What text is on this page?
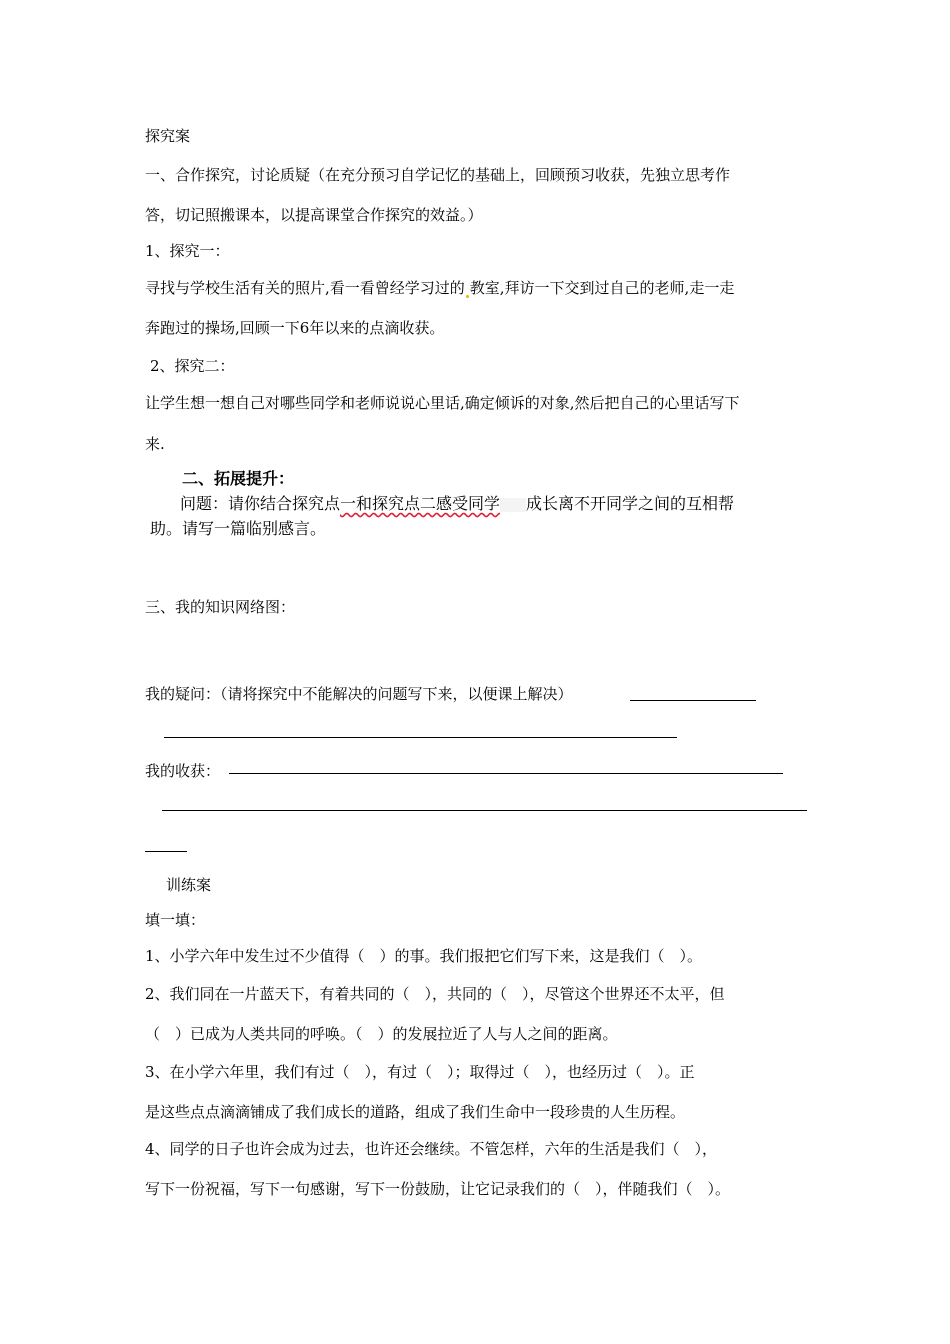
探究案
一、合作探究，讨论质疑（在充分预习自学记忆的基础上，回顾预习收获，先独立思考作
答，切记照搬课本，以提高课堂合作探究的效益。）
1、探究一：
寻找与学校生活有关的照片,看一看曾经学习过的 教室,拜访一下交到过自己的老师,走一走
奔跑过的操场,回顾一下6年以来的点滴收获。
2、探究二：
让学生想一想自己对哪些同学和老师说说心里话,确定倾诉的对象,然后把自己的心里话写下
来.
二、拓展提升：
问题：请你结合探究点一和探究点二感受同学 成长离不开同学之间的互相帮
助。请写一篇临别感言。
三、我的知识网络图：
我的疑问：（请将探究中不能解决的问题写下来，以便课上解决）
我的收获：
训练案
填一填：
1、小学六年中发生过不少值得（　）的事。我们报把它们写下来，这是我们（　）。
2、我们同在一片蓝天下，有着共同的（　），共同的（　），尽管这个世界还不太平，但
（　）已成为人类共同的呼唤。（　）的发展拉近了人与人之间的距离。
3、在小学六年里，我们有过（　），有过（　）；取得过（　），也经历过（　）。正
是这些点点滴滴铺成了我们成长的道路，组成了我们生命中一段珍贵的人生历程。
4、同学的日子也许会成为过去，也许还会继续。不管怎样，六年的生活是我们（　），
写下一份祝福，写下一句感谢，写下一份鼓励，让它记录我们的（　），伴随我们（　）。
